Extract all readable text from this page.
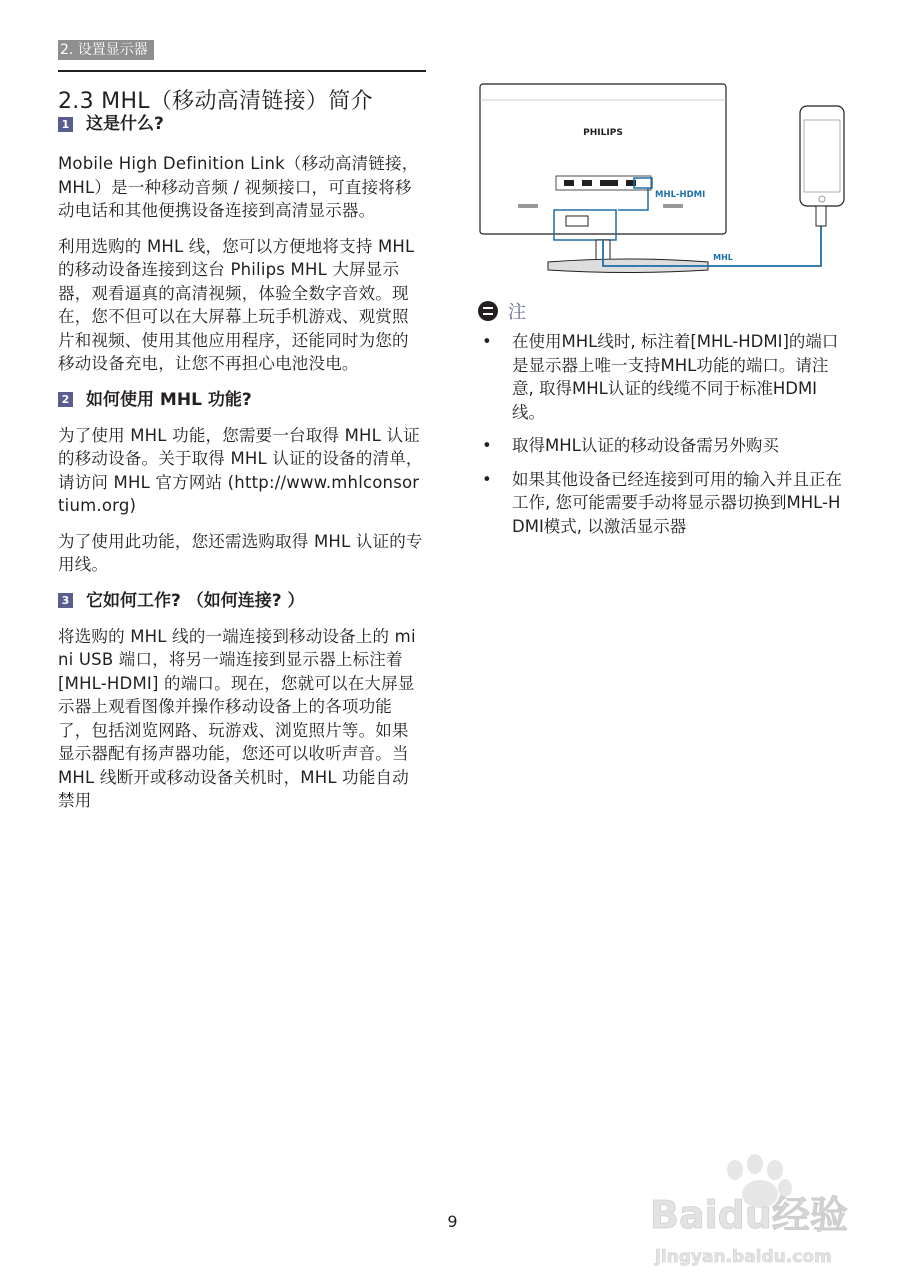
2. 设置显示器
2.3 MHL（移动高清链接）简介
1 这是什么?

Mobile High Definition Link（移动高清链接，MHL）是一种移动音频 / 视频接口，可直接将移动电话和其他便携设备连接到高清显示器。

利用选购的 MHL 线，您可以方便地将支持 MHL 的移动设备连接到这台 Philips MHL 大屏显示器，观看逼真的高清视频，体验全数字音效。现在，您不但可以在大屏幕上玩手机游戏、观赏照片和视频、使用其他应用程序，还能同时为您的移动设备充电，让您不再担心电池没电。

2 如何使用 MHL 功能?

为了使用 MHL 功能，您需要一台取得 MHL 认证的移动设备。关于取得 MHL 认证的设备的清单，请访问 MHL 官方网站 (http://www.mhlconsortium.org)

为了使用此功能，您还需选购取得 MHL 认证的专用线。

3 它如何工作? （如何连接? ）

将选购的 MHL 线的一端连接到移动设备上的 mini USB 端口，将另一端连接到显示器上标注着 [MHL-HDMI] 的端口。现在，您就可以在大屏显示器上观看图像并操作移动设备上的各项功能了，包括浏览网路、玩游戏、浏览照片等。如果显示器配有扬声器功能，您还可以收听声音。当 MHL 线断开或移动设备关机时，MHL 功能自动禁用

PHILIPS
MHL-HDMI
MHL
注
• 在使用MHL线时, 标注着[MHL-HDMI]的端口是显示器上唯一支持MHL功能的端口。请注意, 取得MHL认证的线缆不同于标准HDMI线。
• 取得MHL认证的移动设备需另外购买
• 如果其他设备已经连接到可用的输入并且正在工作, 您可能需要手动将显示器切换到MHL-HDMI模式, 以激活显示器
9	Baidu经验
jingyan.baidu.com
